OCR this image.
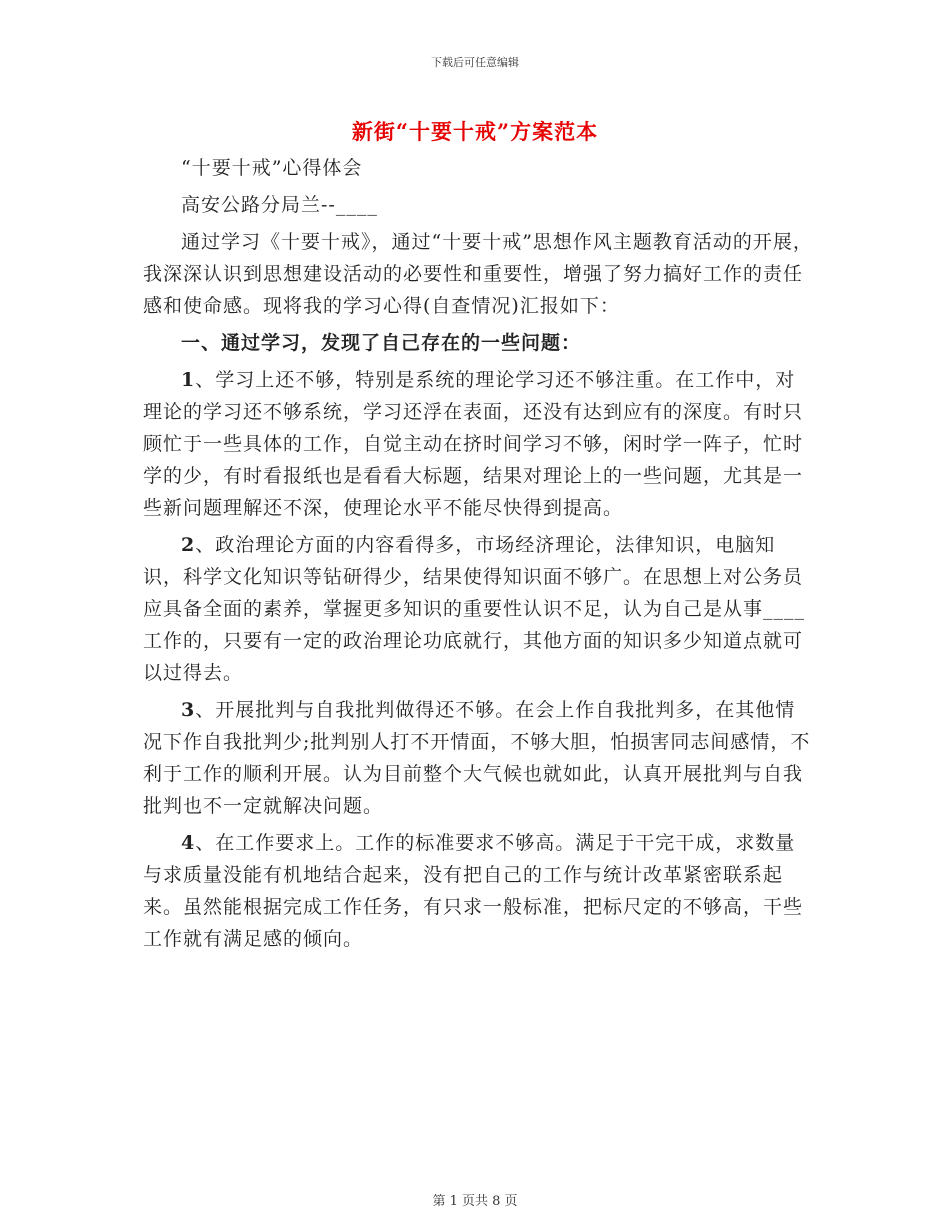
下载后可任意编辑
新街“十要十戒”方案范本

“十要十戒”心得体会

高安公路分局兰--____

通过学习《十要十戒》，通过“十要十戒”思想作风主题教育活动的开展，我深深认识到思想建设活动的必要性和重要性，增强了努力搞好工作的责任感和使命感。现将我的学习心得(自查情况)汇报如下：

一、通过学习，发现了自己存在的一些问题：

1、学习上还不够，特别是系统的理论学习还不够注重。在工作中，对理论的学习还不够系统，学习还浮在表面，还没有达到应有的深度。有时只顾忙于一些具体的工作，自觉主动在挤时间学习不够，闲时学一阵子，忙时学的少，有时看报纸也是看看大标题，结果对理论上的一些问题，尤其是一些新问题理解还不深，使理论水平不能尽快得到提高。

2、政治理论方面的内容看得多，市场经济理论，法律知识，电脑知识，科学文化知识等钻研得少，结果使得知识面不够广。在思想上对公务员应具备全面的素养，掌握更多知识的重要性认识不足，认为自己是从事____工作的，只要有一定的政治理论功底就行，其他方面的知识多少知道点就可以过得去。

3、开展批判与自我批判做得还不够。在会上作自我批判多，在其他情况下作自我批判少;批判别人打不开情面，不够大胆，怕损害同志间感情，不利于工作的顺利开展。认为目前整个大气候也就如此，认真开展批判与自我批判也不一定就解决问题。

4、在工作要求上。工作的标准要求不够高。满足于干完干成，求数量与求质量没能有机地结合起来，没有把自己的工作与统计改革紧密联系起来。虽然能根据完成工作任务，有只求一般标准，把标尺定的不够高，干些工作就有满足感的倾向。

第 1 页共 8 页
